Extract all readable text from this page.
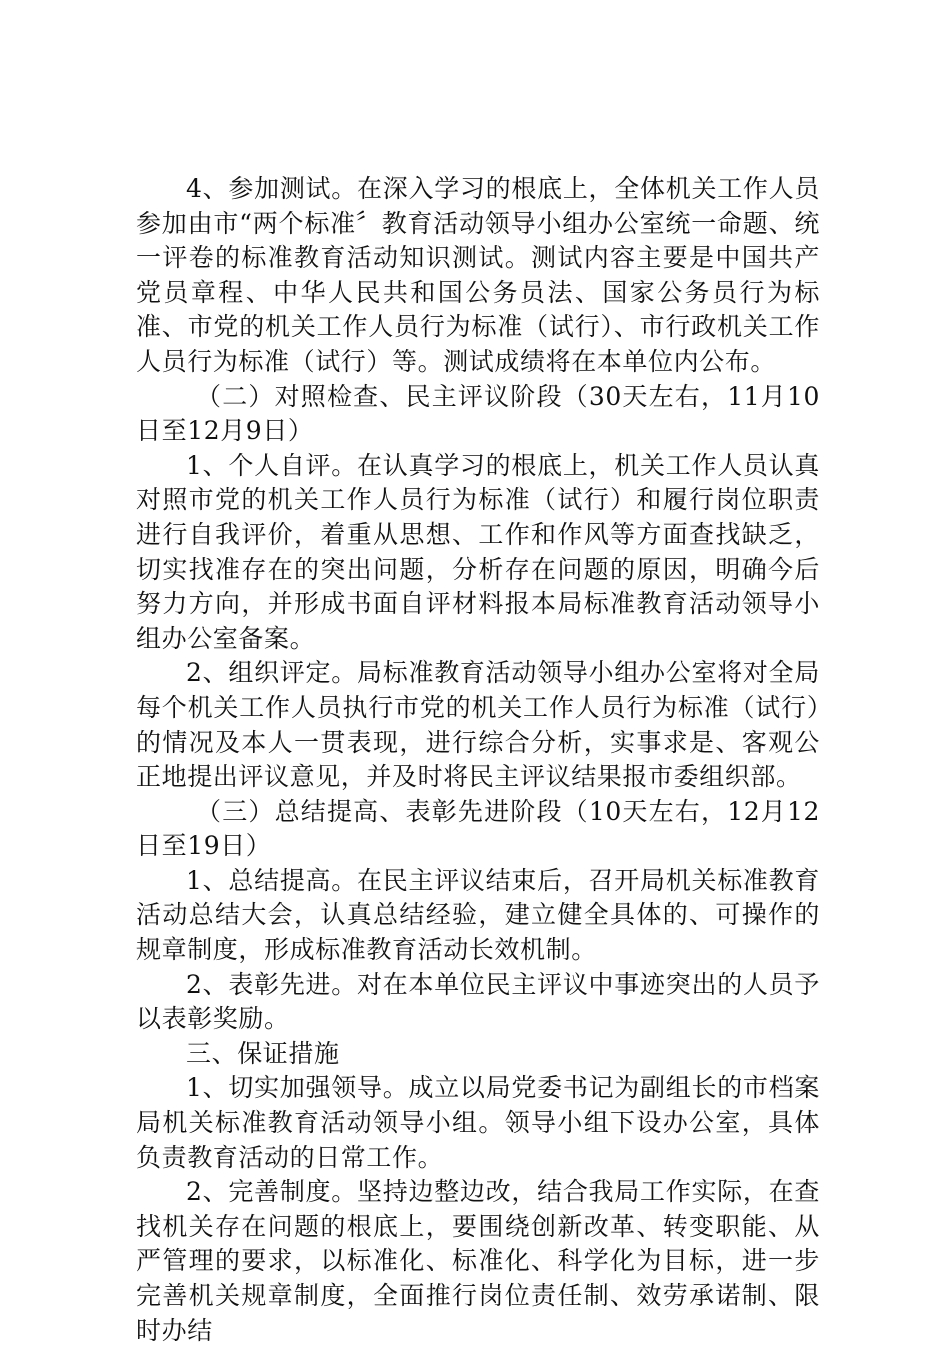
4、参加测试。在深入学习的根底上，全体机关工作人员参加由市“两个标准〞教育活动领导小组办公室统一命题、统一评卷的标准教育活动知识测试。测试内容主要是中国共产党员章程、中华人民共和国公务员法、国家公务员行为标准、市党的机关工作人员行为标准（试行）、市行政机关工作人员行为标准（试行）等。测试成绩将在本单位内公布。

（二）对照检查、民主评议阶段（30天左右，11月10日至12月9日）

1、个人自评。在认真学习的根底上，机关工作人员认真对照市党的机关工作人员行为标准（试行）和履行岗位职责进行自我评价，着重从思想、工作和作风等方面查找缺乏，切实找准存在的突出问题，分析存在问题的原因，明确今后努力方向，并形成书面自评材料报本局标准教育活动领导小组办公室备案。

2、组织评定。局标准教育活动领导小组办公室将对全局每个机关工作人员执行市党的机关工作人员行为标准（试行）的情况及本人一贯表现，进行综合分析，实事求是、客观公正地提出评议意见，并及时将民主评议结果报市委组织部。

（三）总结提高、表彰先进阶段（10天左右，12月12日至19日）

1、总结提高。在民主评议结束后，召开局机关标准教育活动总结大会，认真总结经验，建立健全具体的、可操作的规章制度，形成标准教育活动长效机制。

2、表彰先进。对在本单位民主评议中事迹突出的人员予以表彰奖励。

三、保证措施

1、切实加强领导。成立以局党委书记为副组长的市档案局机关标准教育活动领导小组。领导小组下设办公室，具体负责教育活动的日常工作。

2、完善制度。坚持边整边改，结合我局工作实际，在查找机关存在问题的根底上，要围绕创新改革、转变职能、从严管理的要求，以标准化、标准化、科学化为目标，进一步完善机关规章制度，全面推行岗位责任制、效劳承诺制、限时办结
